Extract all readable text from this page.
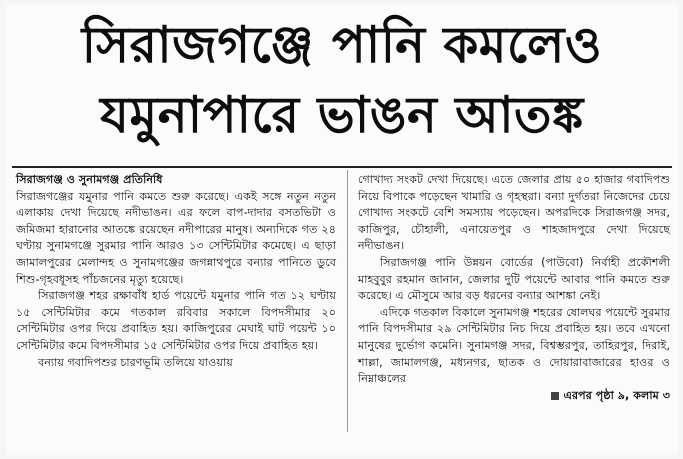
সিরাজগঞ্জে পানি কমলেও
যমুনাপারে ভাঙন আতঙ্ক

সিরাজগঞ্জ ও সুনামগঞ্জ প্রতিনিধি

সিরাজগঞ্জের যমুনার পানি কমতে শুরু করেছে। একই সঙ্গে নতুন নতুন এলাকায় দেখা দিয়েছে নদীভাঙন। এর ফলে বাপ-দাদার বসতভিটা ও জমিজমা হারানোর আতঙ্কে রয়েছেন নদীপারের মানুষ। অন্যদিকে গত ২৪ ঘণ্টায় সুনামগঞ্জে সুরমার পানি আরও ১৩ সেন্টিমিটার কমেছে। এ ছাড়া জামালপুরের মেলান্দহ ও সুনামগঞ্জের জগন্নাথপুরে বন্যার পানিতে ডুবে শিশু-গৃহবধূসহ পাঁচজনের মৃত্যু হয়েছে।

সিরাজগঞ্জ শহর রক্ষাবাঁধ হার্ড পয়েন্টে যমুনার পানি গত ১২ ঘণ্টায় ১৫ সেন্টিমিটার কমে গতকাল রবিবার সকালে বিপদসীমার ২০ সেন্টিমিটার ওপর দিয়ে প্রবাহিত হয়। কাজিপুরের মেঘাই ঘাট পয়েন্ট ১০ সেন্টিমিটার কমে বিপদসীমার ১৫ সেন্টিমিটার ওপর দিয়ে প্রবাহিত হয়।

বন্যায় গবাদিপশুর চারণভূমি তলিয়ে যাওয়ায়

গোখাদ্য সংকট দেখা দিয়েছে। এতে জেলার প্রায় ৫০ হাজার গবাদিপশু নিয়ে বিপাকে পড়েছেন খামারি ও গৃহস্থরা। বন্যা দুর্গতরা নিজেদের চেয়ে গোখাদ্য সংকটে বেশি সমস্যায় পড়েছেন। অপরদিকে সিরাজগঞ্জ সদর, কাজিপুর, চৌহালী, এনায়েতপুর ও শাহজাদপুরে দেখা দিয়েছে নদীভাঙন।

সিরাজগঞ্জ পানি উন্নয়ন বোর্ডের (পাউবো) নির্বাহী প্রকৌশলী মাহবুবুর রহমান জানান, জেলার দুটি পয়েন্টে আবার পানি কমতে শুরু করেছে। এ মৌসুমে আর বড় ধরনের বন্যার আশঙ্কা নেই।

এদিকে গতকাল বিকালে সুনামগঞ্জ শহরের ষোলঘর পয়েন্টে সুরমার পানি বিপদসীমার ২৯ সেন্টিমিটার নিচ দিয়ে প্রবাহিত হয়। তবে এখনো মানুষের দুর্ভোগ কমেনি। সুনামগঞ্জ সদর, বিশ্বম্ভরপুর, তাহিরপুর, দিরাই, শাল্লা, জামালগঞ্জ, মধ্যনগর, ছাতক ও দোয়ারাবাজারের হাওর ও নিম্নাঞ্চলের

এরপর পৃষ্ঠা ৯, কলাম ৩
